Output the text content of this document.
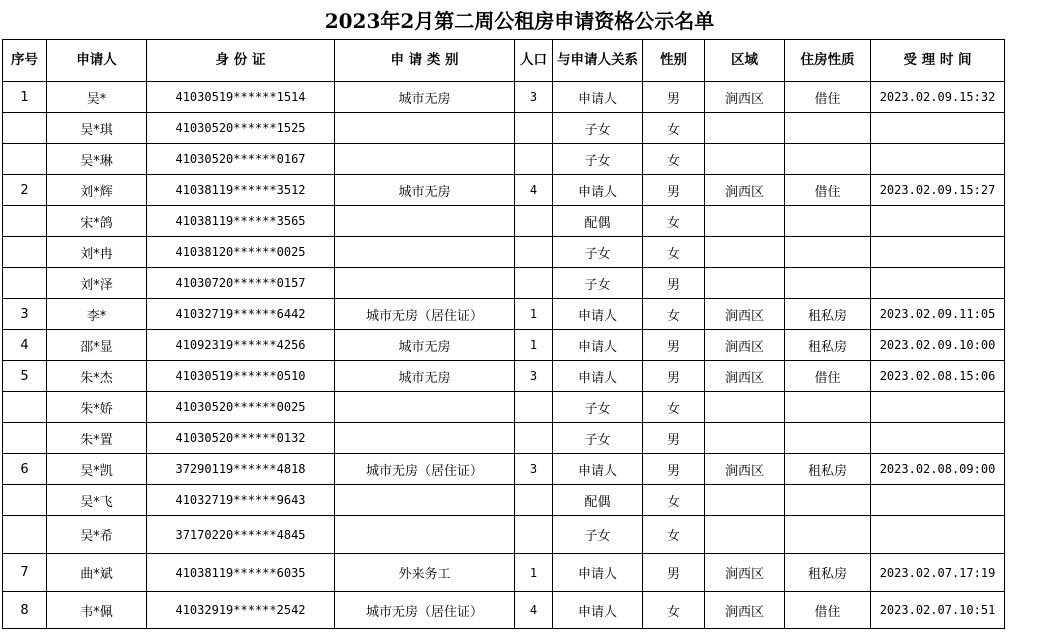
2023年2月第二周公租房申请资格公示名单
序号	申请人	身 份 证	申 请 类 别	人口	与申请人关系	性别	区域	住房性质	受 理 时 间
1	吴*	41030519******1514	城市无房	3	申请人	男	涧西区	借住	2023.02.09.15:32
	吴*琪	41030520******1525			子女	女			
	吴*琳	41030520******0167			子女	女			
2	刘*辉	41038119******3512	城市无房	4	申请人	男	涧西区	借住	2023.02.09.15:27
	宋*鸽	41038119******3565			配偶	女			
	刘*冉	41038120******0025			子女	女			
	刘*泽	41030720******0157			子女	男			
3	李*	41032719******6442	城市无房（居住证）	1	申请人	女	涧西区	租私房	2023.02.09.11:05
4	邵*显	41092319******4256	城市无房	1	申请人	男	涧西区	租私房	2023.02.09.10:00
5	朱*杰	41030519******0510	城市无房	3	申请人	男	涧西区	借住	2023.02.08.15:06
	朱*娇	41030520******0025			子女	女			
	朱*置	41030520******0132			子女	男			
6	吴*凯	37290119******4818	城市无房（居住证）	3	申请人	男	涧西区	租私房	2023.02.08.09:00
	吴*飞	41032719******9643			配偶	女			
	吴*希	37170220******4845			子女	女			
7	曲*斌	41038119******6035	外来务工	1	申请人	男	涧西区	租私房	2023.02.07.17:19
8	韦*佩	41032919******2542	城市无房（居住证）	4	申请人	女	涧西区	借住	2023.02.07.10:51
